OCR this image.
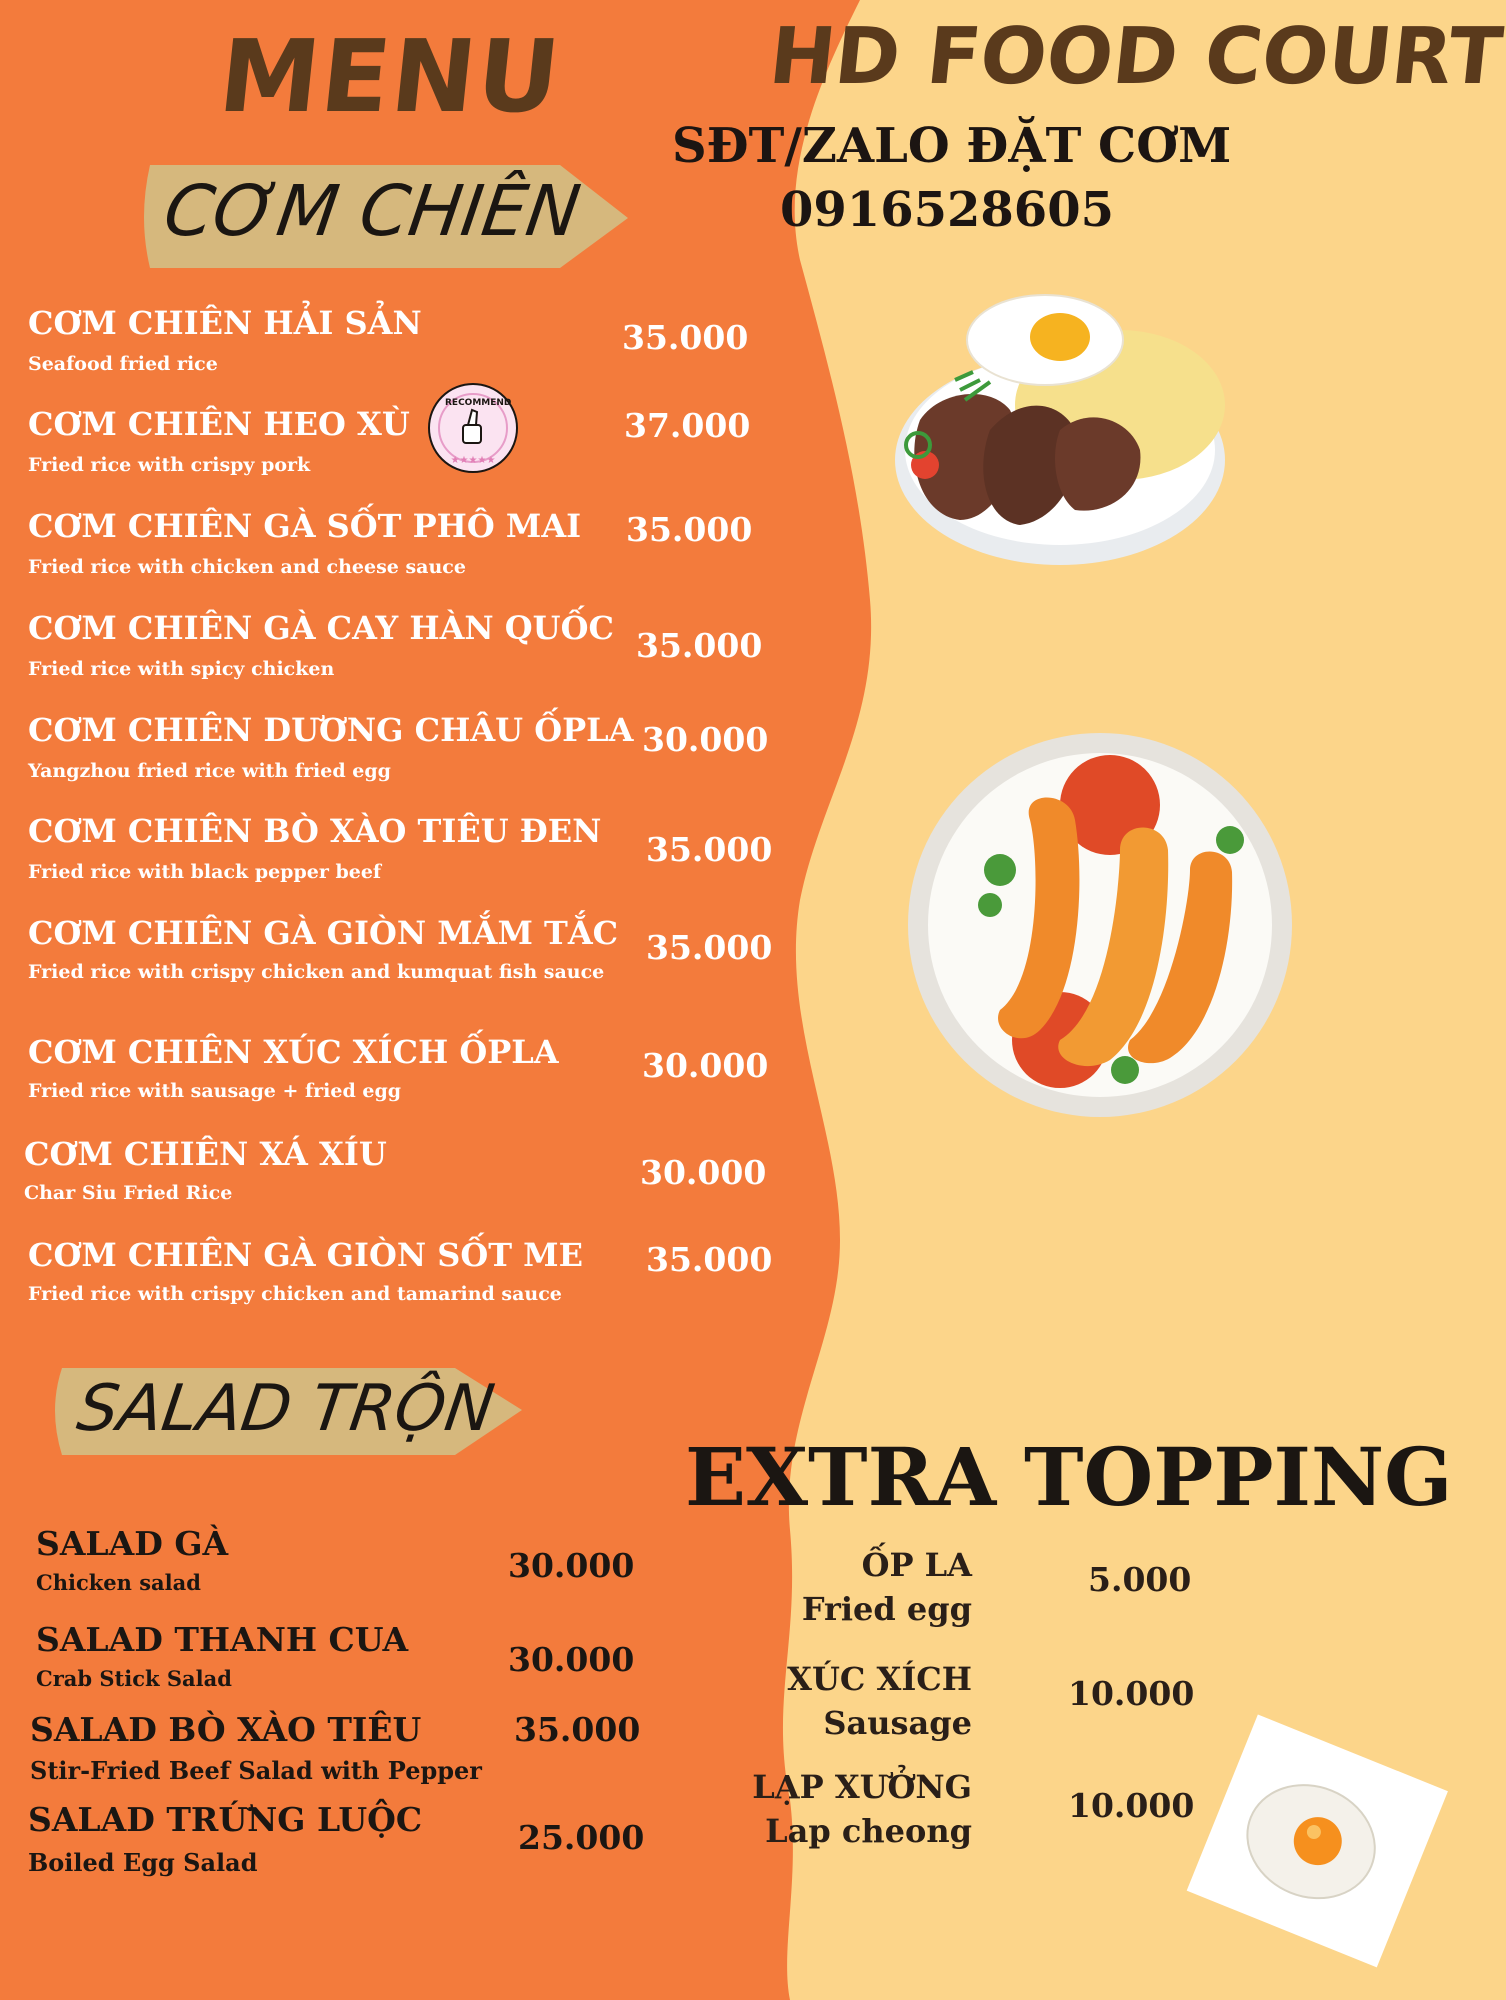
★★★★★
MENU	HD FOOD COURT
SĐT/ZALO ĐẶT CƠM
0916528605
CƠM CHIÊN
RECOMMEND
CƠM CHIÊN HẢI SẢN
Seafood fried rice
35.000
CƠM CHIÊN HEO XÙ
Fried rice with crispy pork
37.000
CƠM CHIÊN GÀ SỐT PHÔ MAI
Fried rice with chicken and cheese sauce
35.000
CƠM CHIÊN GÀ CAY HÀN QUỐC
Fried rice with spicy chicken
35.000
CƠM CHIÊN DƯƠNG CHÂU ỐPLA
Yangzhou fried rice with fried egg
30.000
CƠM CHIÊN BÒ XÀO TIÊU ĐEN
Fried rice with black pepper beef
35.000
CƠM CHIÊN GÀ GIÒN MẮM TẮC
Fried rice with crispy chicken and kumquat fish sauce
35.000
CƠM CHIÊN XÚC XÍCH ỐPLA
Fried rice with sausage + fried egg
30.000
CƠM CHIÊN XÁ XÍU
Char Siu Fried Rice
30.000
CƠM CHIÊN GÀ GIÒN SỐT ME
Fried rice with crispy chicken and tamarind sauce
35.000
SALAD TRỘN
SALAD GÀ
Chicken salad	30.000
SALAD THANH CUA
Crab Stick Salad	30.000
SALAD BÒ XÀO TIÊU
Stir-Fried Beef Salad with Pepper
35.000
SALAD TRỨNG LUỘC
Boiled Egg Salad
25.000
EXTRA TOPPING
ỐP LA
Fried egg
5.000
XÚC XÍCH
Sausage
10.000
LẠP XƯỞNG
Lap cheong
10.000
